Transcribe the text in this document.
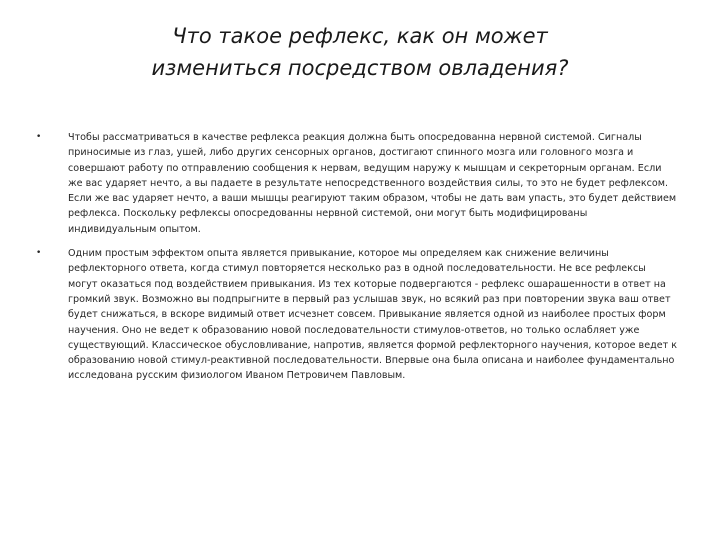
Что такое рефлекс, как он может
измениться посредством овладения?
•	Чтобы рассматриваться в качестве рефлекса реакция должна быть опосредованна нервной системой. Сигналы приносимые из глаз, ушей, либо других сенсорных органов, достигают спинного мозга или головного мозга и совершают работу по отправлению сообщения к нервам, ведущим наружу к мышцам и секреторным органам. Если же вас ударяет нечто, а вы падаете в результате непосредственного воздействия силы, то это не будет рефлексом. Если же вас ударяет нечто, а ваши мышцы реагируют таким образом, чтобы не дать вам упасть, это будет действием рефлекса. Поскольку рефлексы опосредованны нервной системой, они могут быть модифицированы индивидуальным опытом.
•	Одним простым эффектом опыта является привыкание, которое мы определяем как снижение величины рефлекторного ответа, когда стимул повторяется несколько раз в одной последовательности. Не все рефлексы могут оказаться под воздействием привыкания. Из тех которые подвергаются - рефлекс ошарашенности в ответ на громкий звук. Возможно вы подпрыгните в первый раз услышав звук, но всякий раз при повторении звука ваш ответ будет снижаться, в вскоре видимый ответ исчезнет совсем. Привыкание является одной из наиболее простых форм научения. Оно не ведет к образованию новой последовательности стимулов-ответов, но только ослабляет уже существующий. Классическое обусловливание, напротив, является формой рефлекторного научения, которое ведет к образованию новой стимул-реактивной последовательности. Впервые она была описана и наиболее фундаментально исследована русским физиологом Иваном Петровичем Павловым.
